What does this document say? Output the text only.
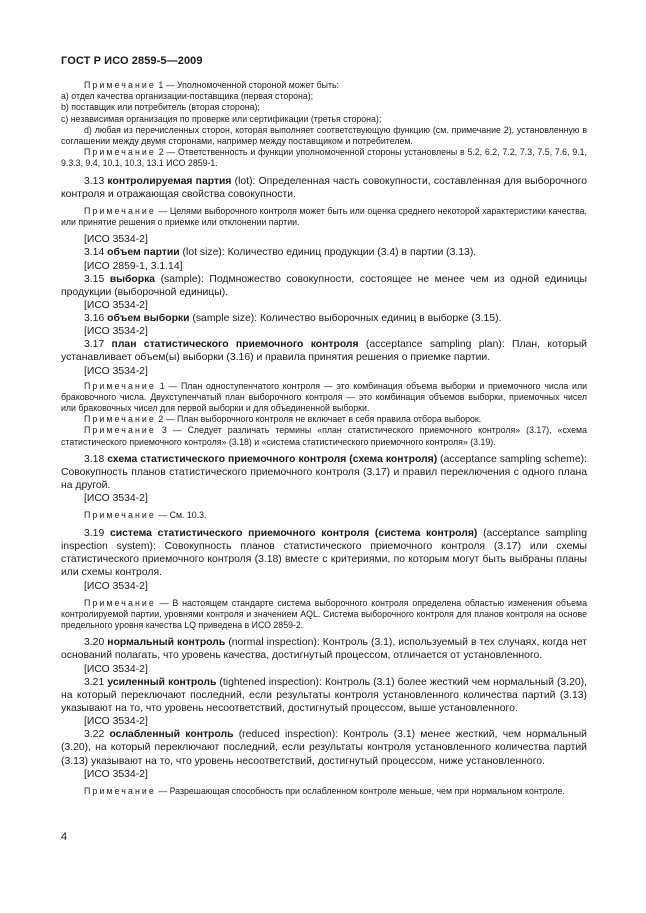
ГОСТ Р ИСО 2859-5—2009

Примечание 1 — Уполномоченной стороной может быть:

а) отдел качества организации-поставщика (первая сторона);

b) поставщик или потребитель (вторая сторона);

с) независимая организация по проверке или сертификации (третья сторона);

d) любая из перечисленных сторон, которая выполняет соответствующую функцию (см. примечание 2), установленную в соглашении между двумя сторонами, например между поставщиком и потребителем.

Примечание 2 — Ответственность и функции уполномоченной стороны установлены в 5.2, 6.2, 7.2, 7.3, 7.5, 7.6, 9.1, 9.3.3, 9.4, 10.1, 10.3, 13.1 ИСО 2859-1.

3.13 контролируемая партия (lot): Определенная часть совокупности, составленная для выборочного контроля и отражающая свойства совокупности.

Примечание — Целями выборочного контроля может быть или оценка среднего некоторой характеристики качества, или принятие решения о приемке или отклонении партии.

[ИСО 3534-2]

3.14 объем партии (lot size): Количество единиц продукции (3.4) в партии (3.13).

[ИСО 2859-1, 3.1.14]

3.15 выборка (sample): Подмножество совокупности, состоящее не менее чем из одной единицы продукции (выборочной единицы).

[ИСО 3534-2]

3.16 объем выборки (sample size): Количество выборочных единиц в выборке (3.15).

[ИСО 3534-2]

3.17 план статистического приемочного контроля (acceptance sampling plan): План, который устанавливает объем(ы) выборки (3.16) и правила принятия решения о приемке партии.

[ИСО 3534-2]

Примечание 1 — План одноступенчатого контроля — это комбинация объема выборки и приемочного числа или браковочного числа. Двухступенчатый план выборочного контроля — это комбинация объемов выборки, приемочных чисел или браковочных чисел для первой выборки и для объединенной выборки.

Примечание 2 — План выборочного контроля не включает в себя правила отбора выборок.

Примечание 3 — Следует различать термины «план статистического приемочного контроля» (3.17), «схема статистического приемочного контроля» (3.18) и «система статистического приемочного контроля» (3.19).

3.18 схема статистического приемочного контроля (схема контроля) (acceptance sampling scheme): Совокупность планов статистического приемочного контроля (3.17) и правил переключения с одного плана на другой.

[ИСО 3534-2]

Примечание — См. 10.3.

3.19 система статистического приемочного контроля (система контроля) (acceptance sampling inspection system): Совокупность планов статистического приемочного контроля (3.17) или схемы статистического приемочного контроля (3.18) вместе с критериями, по которым могут быть выбраны планы или схемы контроля.

[ИСО 3534-2]

Примечание — В настоящем стандарте система выборочного контроля определена областью изменения объема контролируемой партии, уровнями контроля и значением AQL. Система выборочного контроля для планов контроля на основе предельного уровня качества LQ приведена в ИСО 2859-2.

3.20 нормальный контроль (normal inspection): Контроль (3.1), используемый в тех случаях, когда нет оснований полагать, что уровень качества, достигнутый процессом, отличается от установленного.

[ИСО 3534-2]

3.21 усиленный контроль (tightened inspection): Контроль (3.1) более жесткий чем нормальный (3.20), на который переключают последний, если результаты контроля установленного количества партий (3.13) указывают на то, что уровень несоответствий, достигнутый процессом, выше установленного.

[ИСО 3534-2]

3.22 ослабленный контроль (reduced inspection): Контроль (3.1) менее жесткий, чем нормальный (3.20), на который переключают последний, если результаты контроля установленного количества партий (3.13) указывают на то, что уровень несоответствий, достигнутый процессом, ниже установленного.

[ИСО 3534-2]

Примечание — Разрешающая способность при ослабленном контроле меньше, чем при нормальном контроле.

4
